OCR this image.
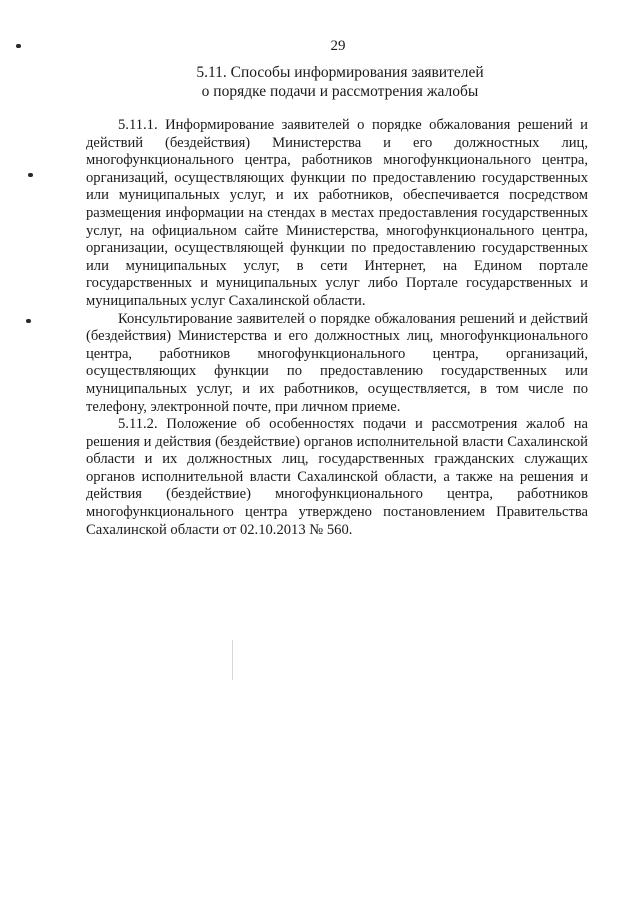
29
5.11. Способы информирования заявителей
о порядке подачи и рассмотрения жалобы

5.11.1. Информирование заявителей о порядке обжалования решений и действий (бездействия) Министерства и его должностных лиц, многофункционального центра, работников многофункционального центра, организаций, осуществляющих функции по предоставлению государственных или муниципальных услуг, и их работников, обеспечивается посредством размещения информации на стендах в местах предоставления государственных услуг, на официальном сайте Министерства, многофункционального центра, организации, осуществляющей функции по предоставлению государственных или муниципальных услуг, в сети Интернет, на Едином портале государственных и муниципальных услуг либо Портале государственных и муниципальных услуг Сахалинской области.

Консультирование заявителей о порядке обжалования решений и действий (бездействия) Министерства и его должностных лиц, многофункционального центра, работников многофункционального центра, организаций, осуществляющих функции по предоставлению государственных или муниципальных услуг, и их работников, осуществляется, в том числе по телефону, электронной почте, при личном приеме.

5.11.2. Положение об особенностях подачи и рассмотрения жалоб на решения и действия (бездействие) органов исполнительной власти Сахалинской области и их должностных лиц, государственных гражданских служащих органов исполнительной власти Сахалинской области, а также на решения и действия (бездействие) многофункционального центра, работников многофункционального центра утверждено постановлением Правительства Сахалинской области от 02.10.2013 № 560.
